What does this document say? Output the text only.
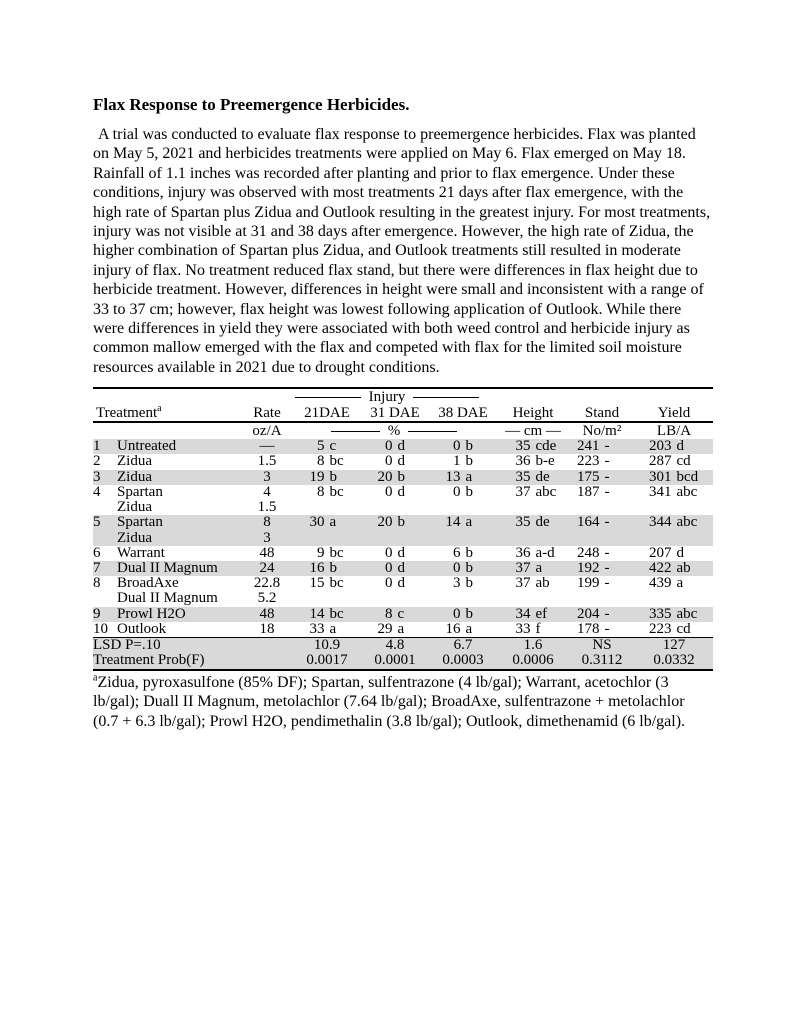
Flax Response to Preemergence Herbicides.

A trial was conducted to evaluate flax response to preemergence herbicides. Flax was planted on May 5, 2021 and herbicides treatments were applied on May 6. Flax emerged on May 18. Rainfall of 1.1 inches was recorded after planting and prior to flax emergence. Under these conditions, injury was observed with most treatments 21 days after flax emergence, with the high rate of Spartan plus Zidua and Outlook resulting in the greatest injury. For most treatments, injury was not visible at 31 and 38 days after emergence. However, the high rate of Zidua, the higher combination of Spartan plus Zidua, and Outlook treatments still resulted in moderate injury of flax. No treatment reduced flax stand, but there were differences in flax height due to herbicide treatment. However, differences in height were small and inconsistent with a range of 33 to 37 cm; however, flax height was lowest following application of Outlook. While there were differences in yield they were associated with both weed control and herbicide injury as common mallow emerged with the flax and competed with flax for the limited soil moisture resources available in 2021 due to drought conditions.

			Injury					

Treatment$^a$		Rate	21DAE	31 DAE	38 DAE	Height	Stand	Yield
		oz/A	%			— cm —	No/m²	LB/A
1	Untreated	—	5 c	0 d	0 b	35 cde	241 -	203 d
2	Zidua	1.5	8 bc	0 d	1 b	36 b-e	223 -	287 cd
3	Zidua	3	19 b	20 b	13 a	35 de	175 -	301 bcd
4	Spartan	4	8 bc	0 d	0 b	37 abc	187 -	341 abc
	Zidua	1.5						
5	Spartan	8	30 a	20 b	14 a	35 de	164 -	344 abc
	Zidua	3						
6	Warrant	48	9 bc	0 d	6 b	36 a-d	248 -	207 d
7	Dual II Magnum	24	16 b	0 d	0 b	37 a	192 -	422 ab
8	BroadAxe	22.8	15 bc	0 d	3 b	37 ab	199 -	439 a
	Dual II Magnum	5.2						
9	Prowl H2O	48	14 bc	8 c	0 b	34 ef	204 -	335 abc
10	Outlook	18	33 a	29 a	16 a	33 f	178 -	223 cd
LSD P=.10			10.9	4.8	6.7	1.6	NS	127
Treatment Prob(F)			0.0017	0.0001	0.0003	0.0006	0.3112	0.0332

$^a$Zidua, pyroxasulfone (85% DF); Spartan, sulfentrazone (4 lb/gal); Warrant, acetochlor (3 lb/gal); Duall II Magnum, metolachlor (7.64 lb/gal); BroadAxe, sulfentrazone + metolachlor (0.7 + 6.3 lb/gal); Prowl H2O, pendimethalin (3.8 lb/gal); Outlook, dimethenamid (6 lb/gal).
